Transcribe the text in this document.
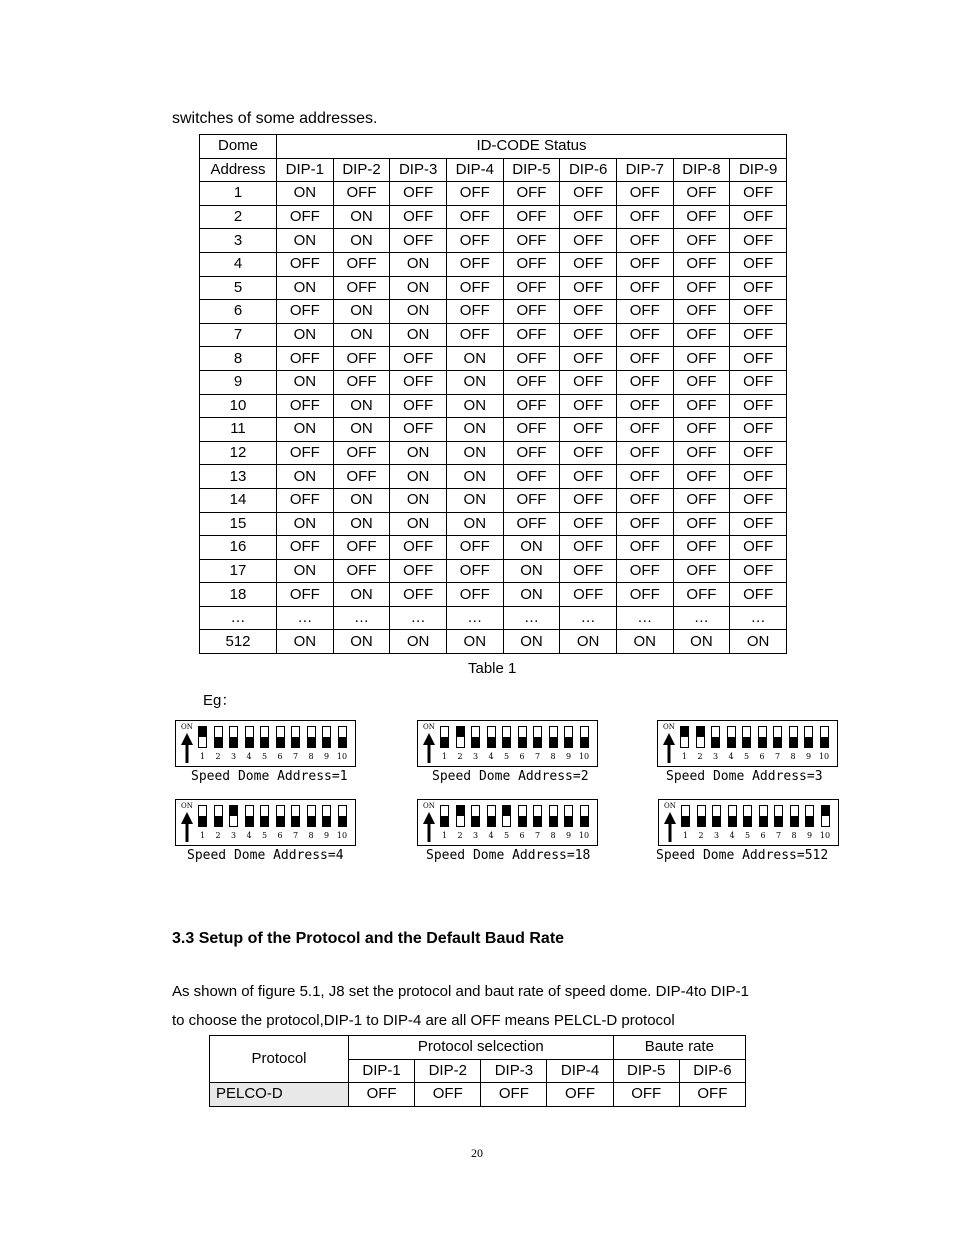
switches of some addresses.
Dome	ID-CODE Status								
Address	DIP-1	DIP-2	DIP-3	DIP-4	DIP-5	DIP-6	DIP-7	DIP-8	DIP-9
1	ON	OFF	OFF	OFF	OFF	OFF	OFF	OFF	OFF
2	OFF	ON	OFF	OFF	OFF	OFF	OFF	OFF	OFF
3	ON	ON	OFF	OFF	OFF	OFF	OFF	OFF	OFF
4	OFF	OFF	ON	OFF	OFF	OFF	OFF	OFF	OFF
5	ON	OFF	ON	OFF	OFF	OFF	OFF	OFF	OFF
6	OFF	ON	ON	OFF	OFF	OFF	OFF	OFF	OFF
7	ON	ON	ON	OFF	OFF	OFF	OFF	OFF	OFF
8	OFF	OFF	OFF	ON	OFF	OFF	OFF	OFF	OFF
9	ON	OFF	OFF	ON	OFF	OFF	OFF	OFF	OFF
10	OFF	ON	OFF	ON	OFF	OFF	OFF	OFF	OFF
11	ON	ON	OFF	ON	OFF	OFF	OFF	OFF	OFF
12	OFF	OFF	ON	ON	OFF	OFF	OFF	OFF	OFF
13	ON	OFF	ON	ON	OFF	OFF	OFF	OFF	OFF
14	OFF	ON	ON	ON	OFF	OFF	OFF	OFF	OFF
15	ON	ON	ON	ON	OFF	OFF	OFF	OFF	OFF
16	OFF	OFF	OFF	OFF	ON	OFF	OFF	OFF	OFF
17	ON	OFF	OFF	OFF	ON	OFF	OFF	OFF	OFF
18	OFF	ON	OFF	OFF	ON	OFF	OFF	OFF	OFF
…	…	…	…	…	…	…	…	…	…
512	ON	ON	ON	ON	ON	ON	ON	ON	ON
Table 1
Eg：
ON
1	2	3	4	5	6	7	8	9 10
Speed Dome Address=1
ON
1	2	3	4	5	6	7	8	9 10
Speed Dome Address=2
ON
1	2	3	4	5	6	7	8	9 10
Speed Dome Address=3
ON
1	2	3	4	5	6	7	8	9 10
Speed Dome Address=4
ON
1	2	3	4	5	6	7	8	9 10
Speed Dome Address=18
ON
1	2	3	4	5	6	7	8	9 10
Speed Dome Address=512
3.3 Setup of the Protocol and the Default Baud Rate
As shown of figure 5.1, J8 set the protocol and baut rate of speed dome. DIP-4to DIP-1
to choose the protocol,DIP-1 to DIP-4 are all OFF means PELCL-D protocol
Protocol	Protocol selcection				Baute rate	
	DIP-1	DIP-2	DIP-3	DIP-4	DIP-5	DIP-6
PELCO-D	OFF	OFF	OFF	OFF	OFF	OFF
20
